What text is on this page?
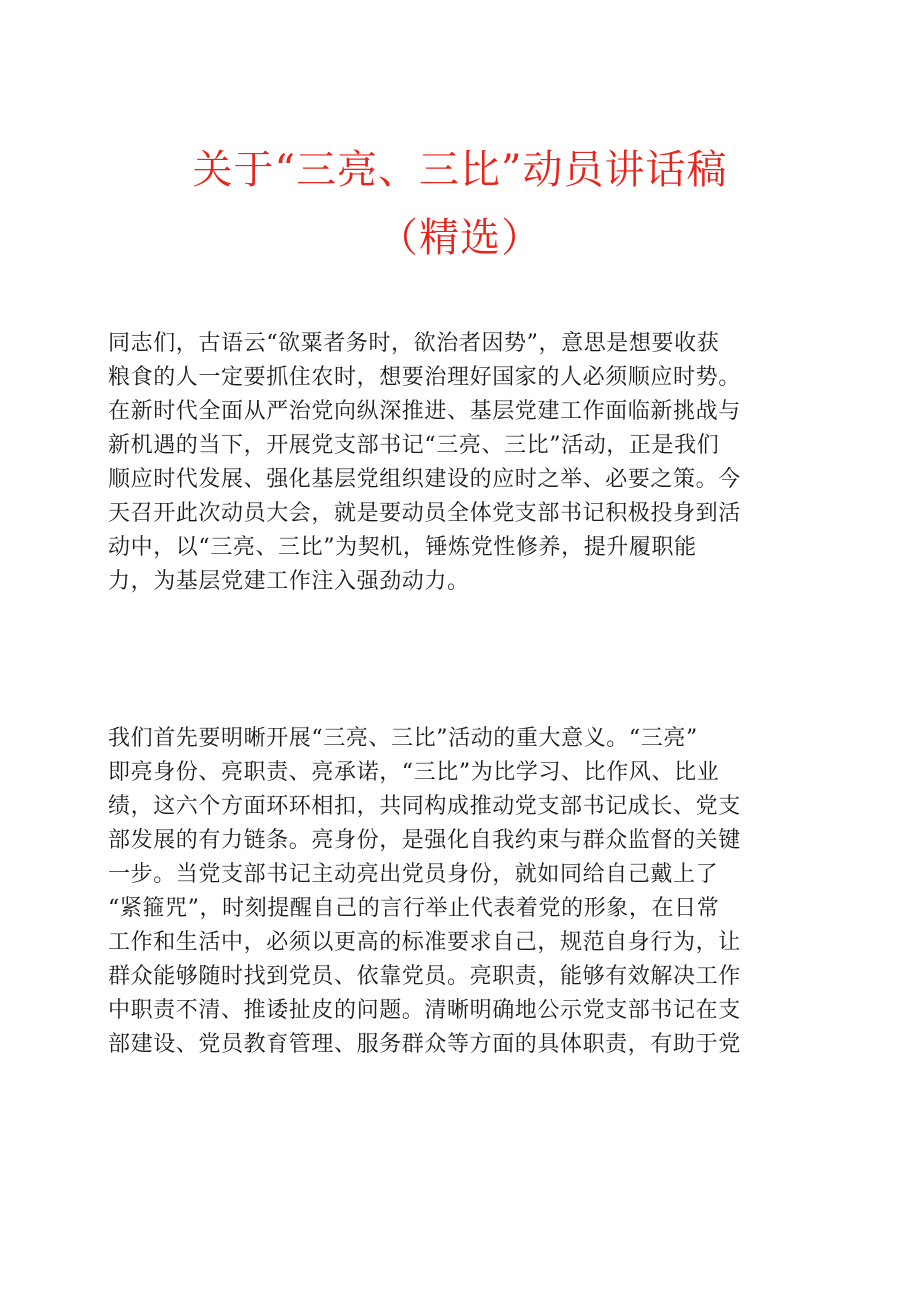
关于“三亮、三比”动员讲话稿
（精选）
同志们，古语云“欲粟者务时，欲治者因势”，意思是想要收获
粮食的人一定要抓住农时，想要治理好国家的人必须顺应时势。
在新时代全面从严治党向纵深推进、基层党建工作面临新挑战与
新机遇的当下，开展党支部书记“三亮、三比”活动，正是我们
顺应时代发展、强化基层党组织建设的应时之举、必要之策。今
天召开此次动员大会，就是要动员全体党支部书记积极投身到活
动中，以“三亮、三比”为契机，锤炼党性修养，提升履职能
力，为基层党建工作注入强劲动力。
我们首先要明晰开展“三亮、三比”活动的重大意义。“三亮”
即亮身份、亮职责、亮承诺，“三比”为比学习、比作风、比业
绩，这六个方面环环相扣，共同构成推动党支部书记成长、党支
部发展的有力链条。亮身份，是强化自我约束与群众监督的关键
一步。当党支部书记主动亮出党员身份，就如同给自己戴上了
“紧箍咒”，时刻提醒自己的言行举止代表着党的形象，在日常
工作和生活中，必须以更高的标准要求自己，规范自身行为，让
群众能够随时找到党员、依靠党员。亮职责，能够有效解决工作
中职责不清、推诿扯皮的问题。清晰明确地公示党支部书记在支
部建设、党员教育管理、服务群众等方面的具体职责，有助于党
